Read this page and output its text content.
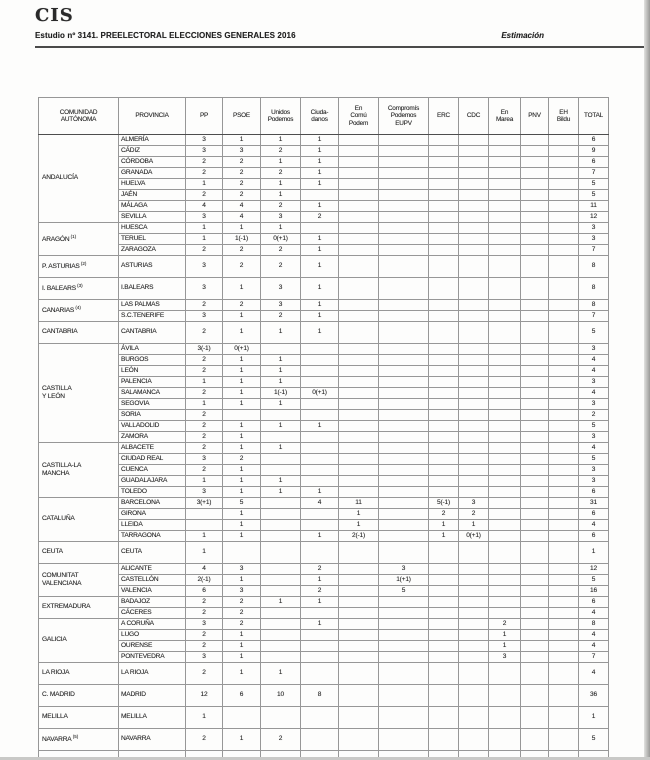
CIS
Estudio nº 3141. PREELECTORAL ELECCIONES GENERALES 2016	Estimación
COMUNIDAD
AUTÓNOMA	PROVINCIA	PP	PSOE	Unidos
Podemos	Ciuda-
danos	En
Comú
Podem	Compromís
Podemos
EUPV	ERC	CDC	En
Marea	PNV	EH
Bildu	TOTAL
ANDALUCÍA	ALMERÍA	3	1	1	1								6
	CÁDIZ	3	3	2	1								9
	CÓRDOBA	2	2	1	1								6
	GRANADA	2	2	2	1								7
	HUELVA	1	2	1	1								5
	JAÉN	2	2	1									5
	MÁLAGA	4	4	2	1								11
	SEVILLA	3	4	3	2								12
ARAGÓN $^{(1)}$	HUESCA	1	1	1									3
	TERUEL	1	1(-1)	0(+1)	1								3
	ZARAGOZA	2	2	2	1								7
P. ASTURIAS $^{(2)}$	ASTURIAS	3	2	2	1								8
I. BALEARS $^{(3)}$	I.BALEARS	3	1	3	1								8
CANARIAS $^{(4)}$	LAS PALMAS	2	2	3	1								8
	S.C.TENERIFE	3	1	2	1								7
CANTABRIA	CANTABRIA	2	1	1	1								5
CASTILLA
Y LEÓN	ÁVILA	3(-1)	0(+1)										3
	BURGOS	2	1	1									4
	LEÓN	2	1	1									4
	PALENCIA	1	1	1									3
	SALAMANCA	2	1	1(-1)	0(+1)								4
	SEGOVIA	1	1	1									3
	SORIA	2											2
	VALLADOLID	2	1	1	1								5
	ZAMORA	2	1										3
CASTILLA-LA
MANCHA	ALBACETE	2	1	1									4
	CIUDAD REAL	3	2										5
	CUENCA	2	1										3
	GUADALAJARA	1	1	1									3
	TOLEDO	3	1	1	1								6
CATALUÑA	BARCELONA	3(+1)	5		4	11		5(-1)	3				31
	GIRONA		1			1		2	2				6
	LLEIDA		1			1		1	1				4
	TARRAGONA	1	1		1	2(-1)		1	0(+1)				6
CEUTA	CEUTA	1											1
COMUNITAT
VALENCIANA	ALICANTE	4	3		2		3						12
	CASTELLÓN	2(-1)	1		1		1(+1)						5
	VALENCIA	6	3		2		5						16
EXTREMADURA	BADAJOZ	2	2	1	1								6
	CÁCERES	2	2										4
GALICIA	A CORUÑA	3	2		1					2			8
	LUGO	2	1							1			4
	OURENSE	2	1							1			4
	PONTEVEDRA	3	1							3			7
LA RIOJA	LA RIOJA	2	1	1									4
C. MADRID	MADRID	12	6	10	8								36
MELILLA	MELILLA	1											1
NAVARRA $^{(5)}$	NAVARRA	2	1	2									5
